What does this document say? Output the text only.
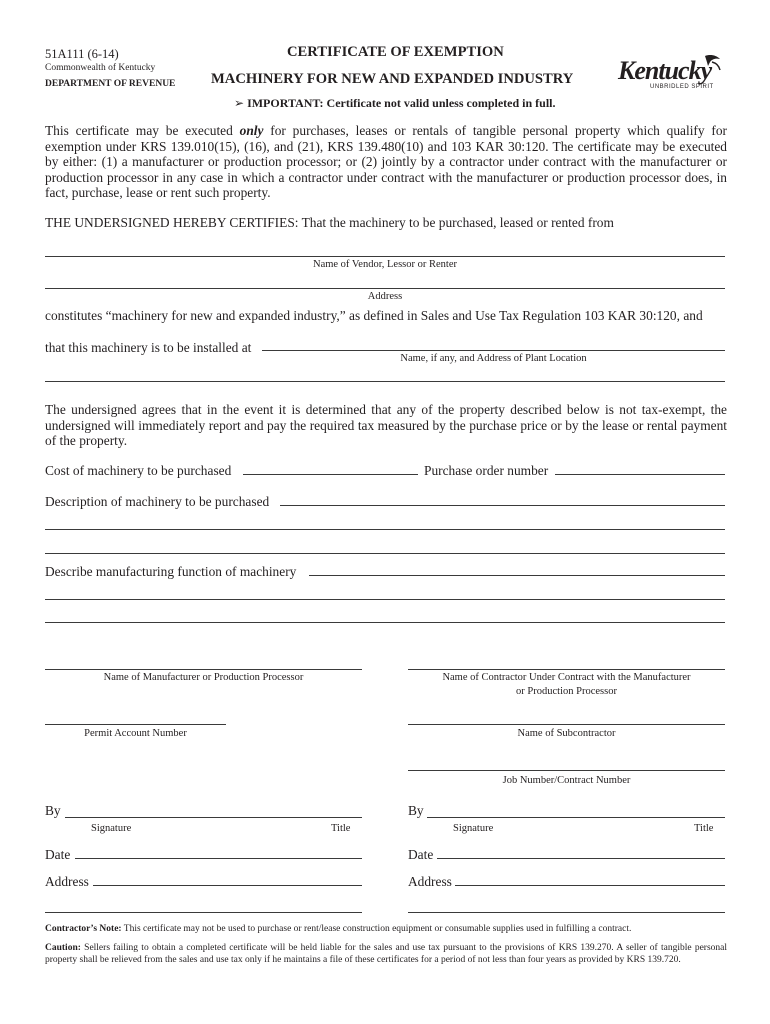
51A111 (6-14)
Commonwealth of Kentucky
DEPARTMENT OF REVENUE
CERTIFICATE OF EXEMPTION
MACHINERY FOR NEW AND EXPANDED INDUSTRY
➢ IMPORTANT: Certificate not valid unless completed in full.
Kentucky
UNBRIDLED SPIRIT
This certificate may be executed only for purchases, leases or rentals of tangible personal property which qualify for exemption under KRS 139.010(15), (16), and (21), KRS 139.480(10) and 103 KAR 30:120. The certificate may be executed by either: (1) a manufacturer or production processor; or (2) jointly by a contractor under contract with the manufacturer or production processor in any case in which a contractor under contract with the manufacturer or production processor does, in fact, purchase, lease or rent such property.
THE UNDERSIGNED HEREBY CERTIFIES: That the machinery to be purchased, leased or rented from
Name of Vendor, Lessor or Renter
Address
constitutes “machinery for new and expanded industry,” as defined in Sales and Use Tax Regulation 103 KAR 30:120, and
that this machinery is to be installed at
Name, if any, and Address of Plant Location
The undersigned agrees that in the event it is determined that any of the property described below is not tax-exempt, the undersigned will immediately report and pay the required tax measured by the purchase price or by the lease or rental payment of the property.
Cost of machinery to be purchased	Purchase order number
Description of machinery to be purchased
Describe manufacturing function of machinery
Name of Manufacturer or Production Processor	Name of Contractor Under Contract with the Manufacturer
or Production Processor
Permit Account Number	Name of Subcontractor
Job Number/Contract Number
By
Signature	Title
By
Signature	Title
Date	Date
Address	Address
Contractor’s Note: This certificate may not be used to purchase or rent/lease construction equipment or consumable supplies used in fulfilling a contract.
Caution: Sellers failing to obtain a completed certificate will be held liable for the sales and use tax pursuant to the provisions of KRS 139.270. A seller of tangible personal property shall be relieved from the sales and use tax only if he maintains a file of these certificates for a period of not less than four years as provided by KRS 139.720.
